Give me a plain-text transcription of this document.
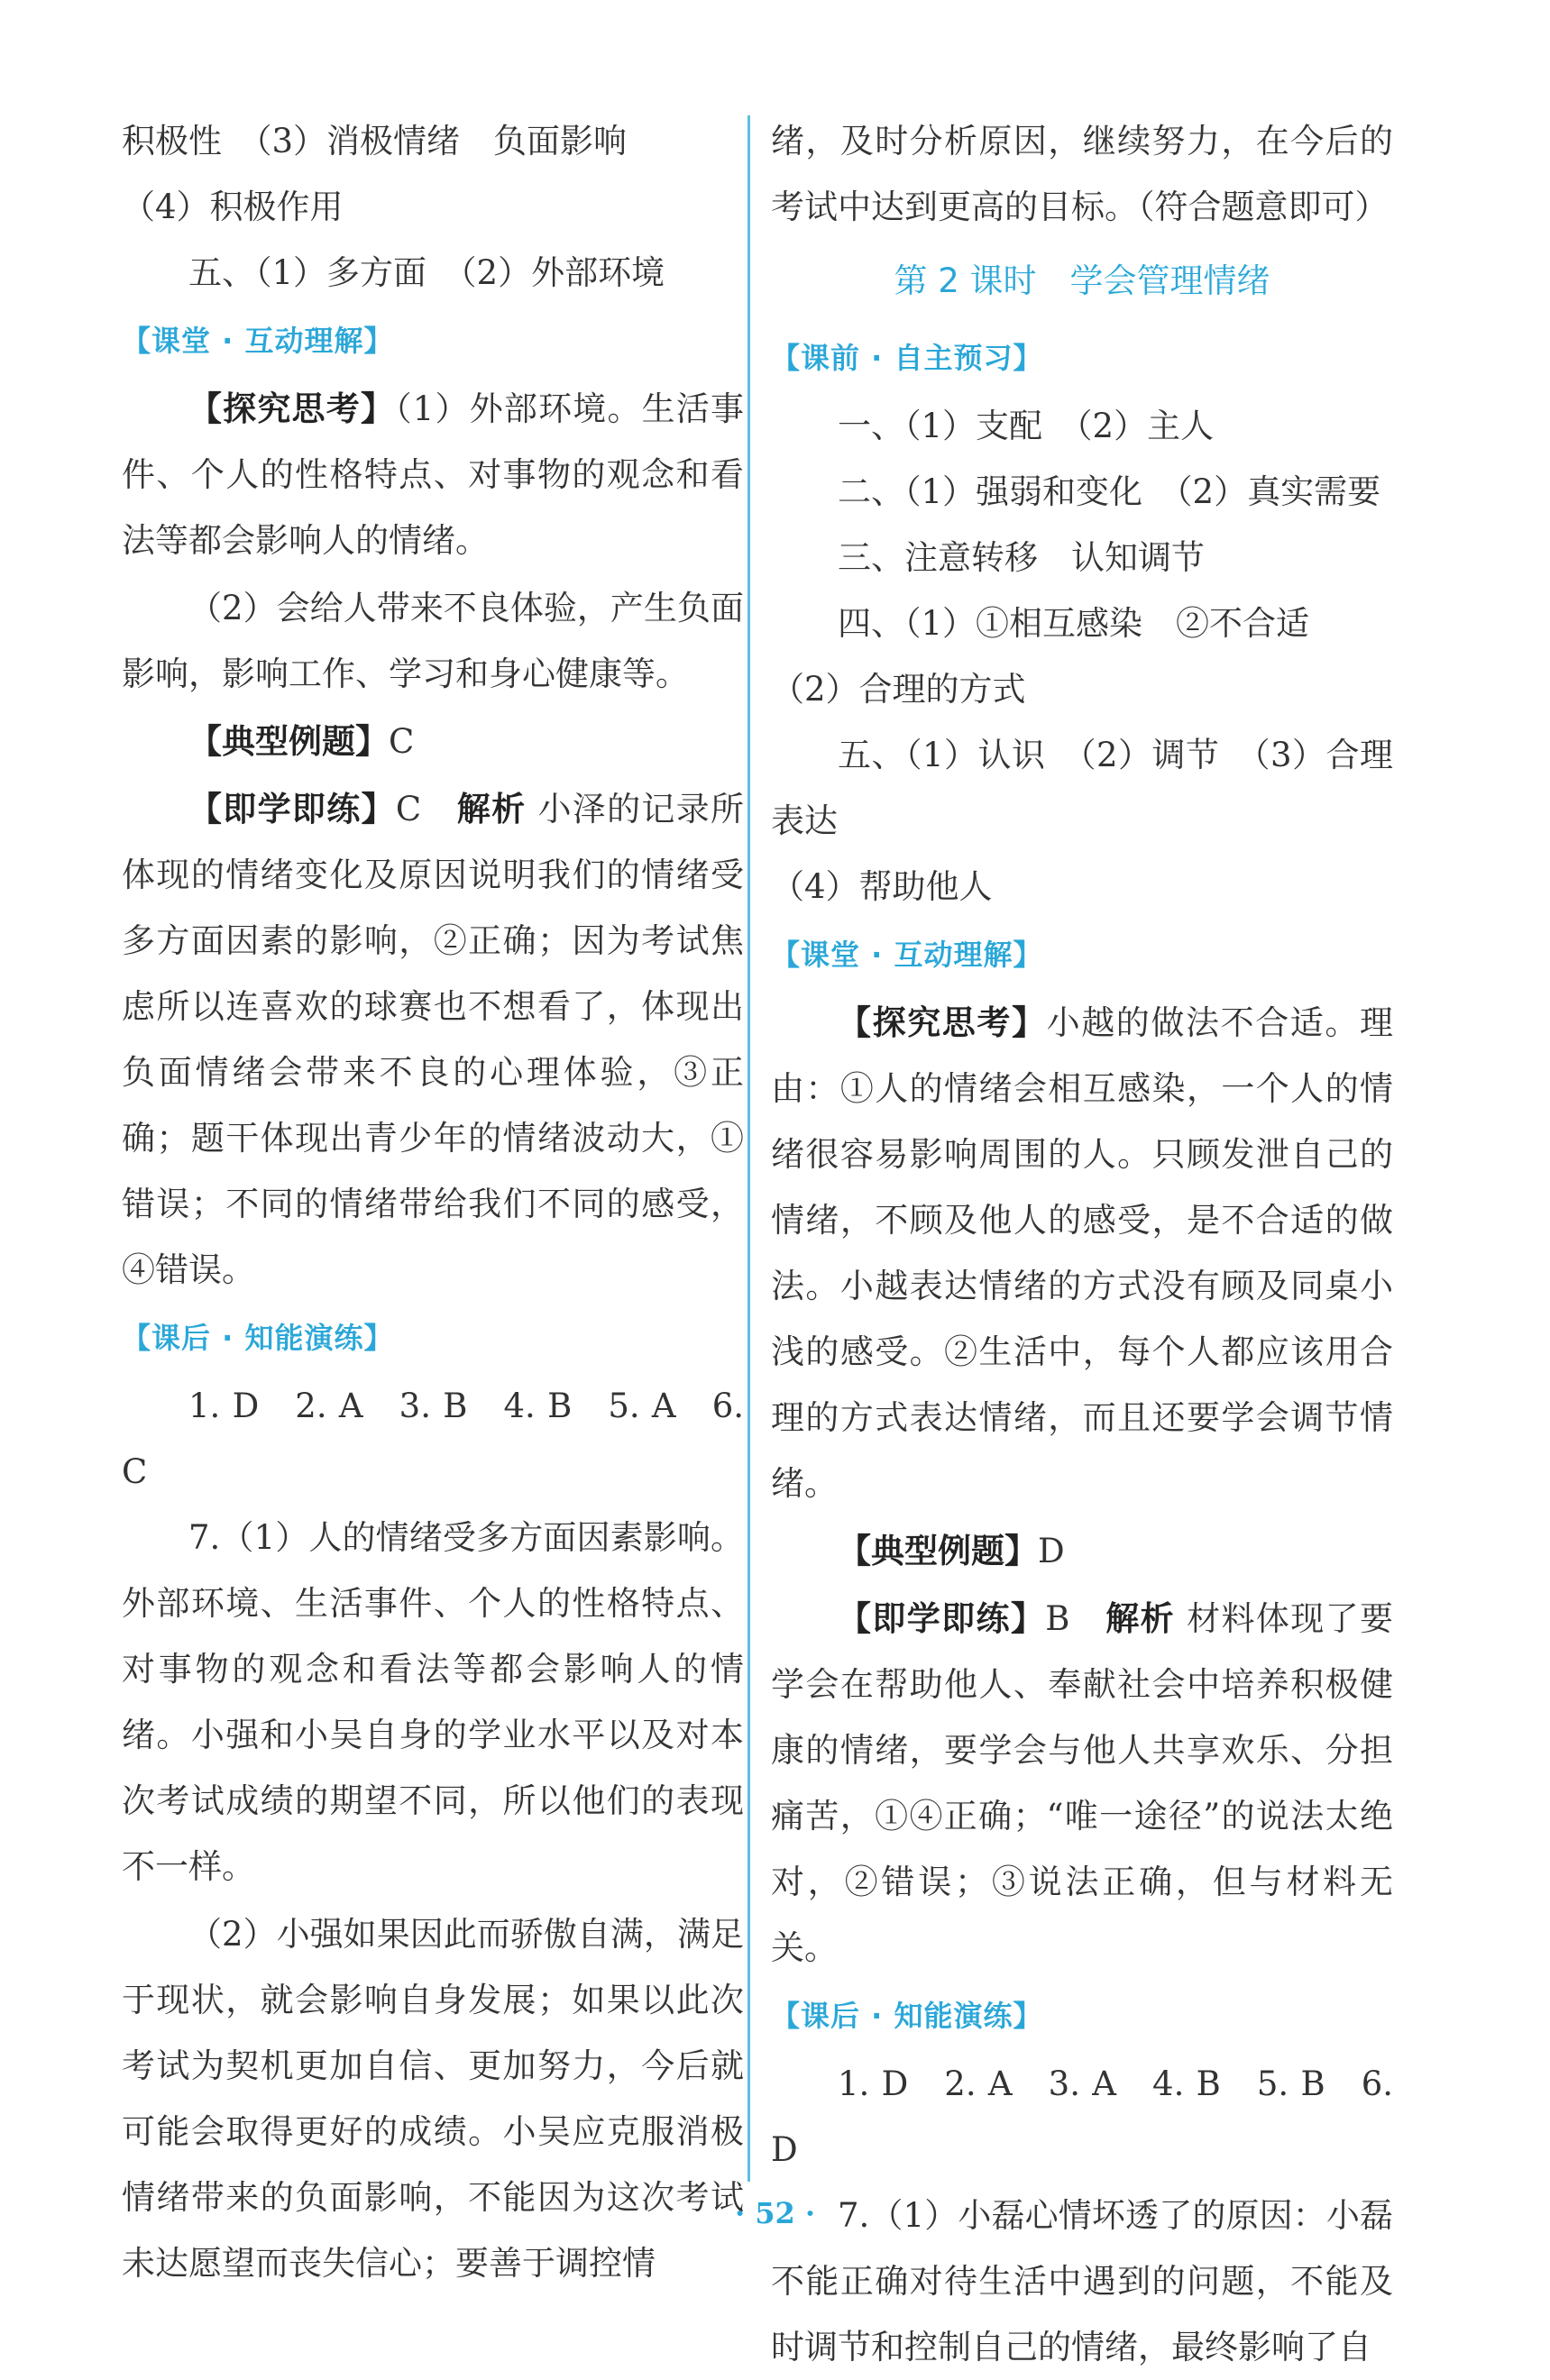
积极性　（3）消极情绪　负面影响

（4）积极作用

五、（1）多方面　（2）外部环境

【课堂 · 互动理解】

【探究思考】（1）外部环境。生活事件、个人的性格特点、对事物的观念和看法等都会影响人的情绪。

（2）会给人带来不良体验，产生负面影响，影响工作、学习和身心健康等。

【典型例题】C

【即学即练】C　解析 小泽的记录所体现的情绪变化及原因说明我们的情绪受多方面因素的影响，②正确；因为考试焦虑所以连喜欢的球赛也不想看了，体现出负面情绪会带来不良的心理体验，③正确；题干体现出青少年的情绪波动大，①错误；不同的情绪带给我们不同的感受，④错误。

【课后 · 知能演练】

1. D　2. A　3. B　4. B　5. A　6. C

7.（1）人的情绪受多方面因素影响。外部环境、生活事件、个人的性格特点、对事物的观念和看法等都会影响人的情绪。小强和小吴自身的学业水平以及对本次考试成绩的期望不同，所以他们的表现不一样。

（2）小强如果因此而骄傲自满，满足于现状，就会影响自身发展；如果以此次考试为契机更加自信、更加努力，今后就可能会取得更好的成绩。小吴应克服消极情绪带来的负面影响，不能因为这次考试未达愿望而丧失信心；要善于调控情

绪，及时分析原因，继续努力，在今后的考试中达到更高的目标。（符合题意即可）

第 2 课时　学会管理情绪

【课前 · 自主预习】

一、（1）支配　（2）主人

二、（1）强弱和变化　（2）真实需要

三、注意转移　认知调节

四、（1）①相互感染　②不合适

（2）合理的方式

五、（1）认识　（2）调节　（3）合理表达

（4）帮助他人

【课堂 · 互动理解】

【探究思考】小越的做法不合适。理由：①人的情绪会相互感染，一个人的情绪很容易影响周围的人。只顾发泄自己的情绪，不顾及他人的感受，是不合适的做法。小越表达情绪的方式没有顾及同桌小浅的感受。②生活中，每个人都应该用合理的方式表达情绪，而且还要学会调节情绪。

【典型例题】D

【即学即练】B　解析 材料体现了要学会在帮助他人、奉献社会中培养积极健康的情绪，要学会与他人共享欢乐、分担痛苦，①④正确；“唯一途径”的说法太绝对，②错误；③说法正确，但与材料无关。

【课后 · 知能演练】

1. D　2. A　3. A　4. B　5. B　6. D

7.（1）小磊心情坏透了的原因：小磊不能正确对待生活中遇到的问题，不能及时调节和控制自己的情绪，最终影响了自

· 52 ·
